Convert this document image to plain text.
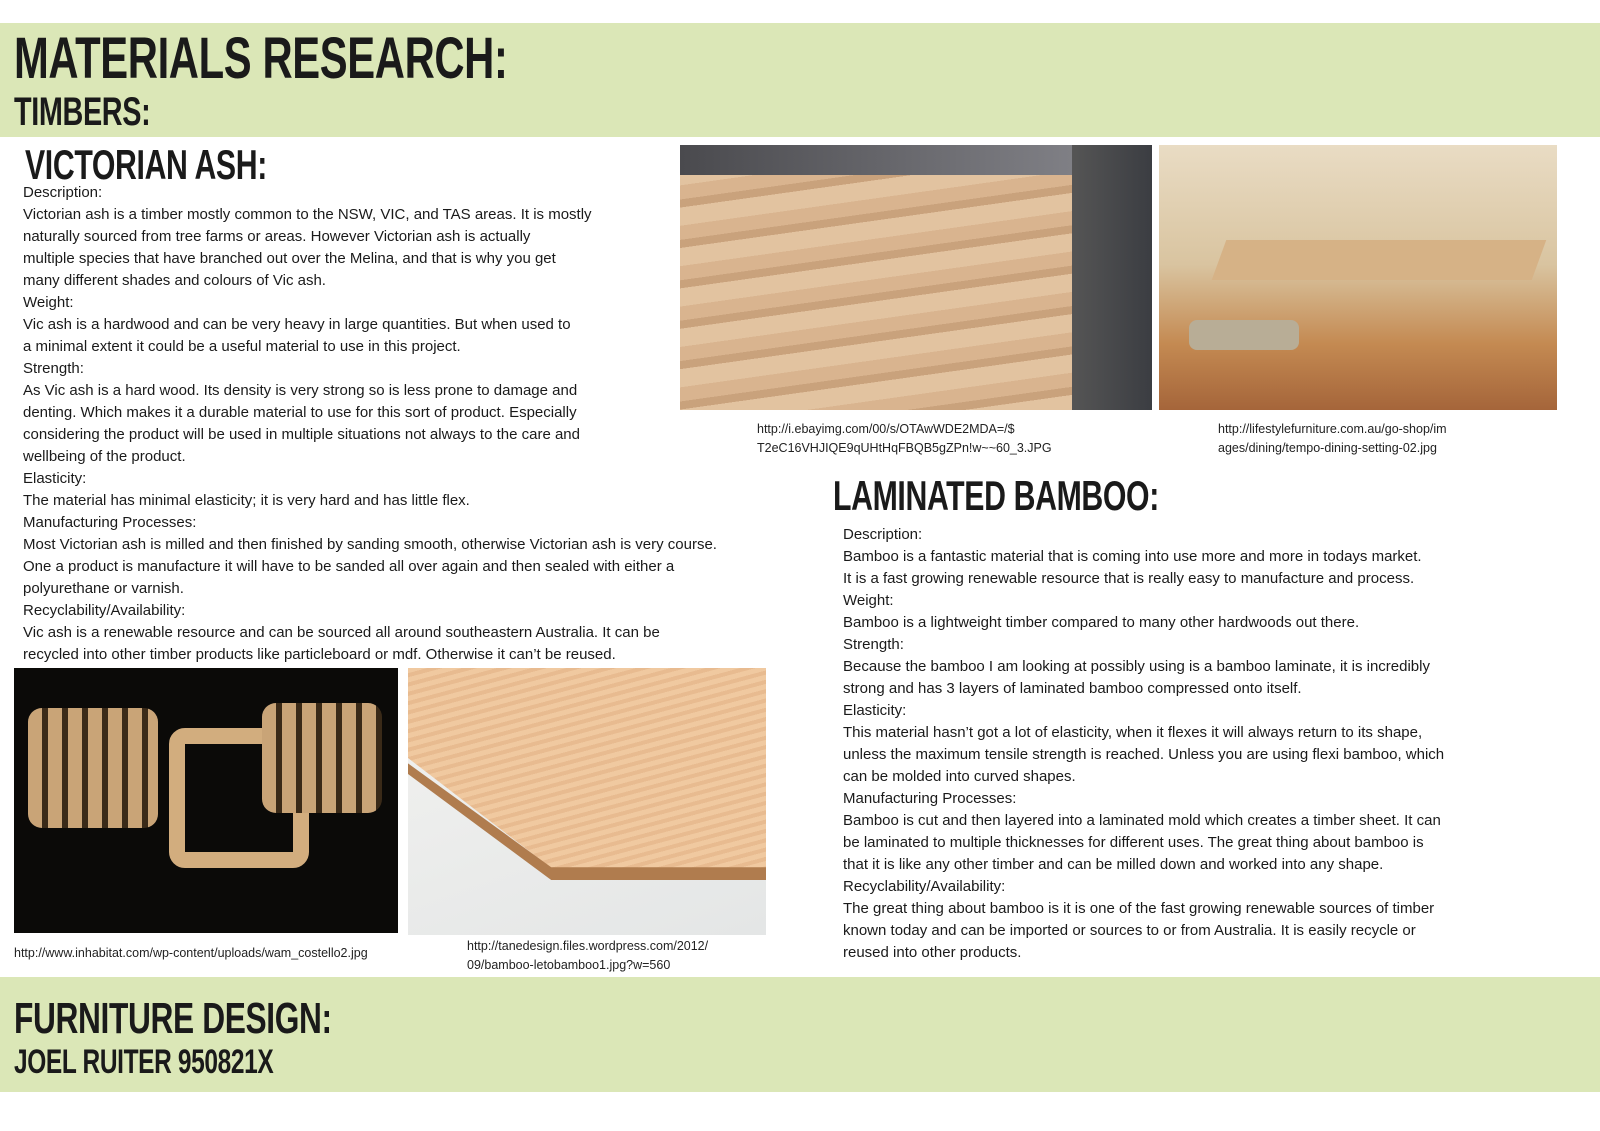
MATERIALS RESEARCH:
TIMBERS:
VICTORIAN ASH:

Description:

Victorian ash is a timber mostly common to the NSW, VIC, and TAS areas. It is mostly

naturally sourced from tree farms or areas. However Victorian ash is actually

multiple species that have branched out over the Melina, and that is why you get

many different shades and colours of Vic ash.

Weight:

Vic ash is a hardwood and can be very heavy in large quantities. But when used to

a minimal extent it could be a useful material to use in this project.

Strength:

As Vic ash is a hard wood. Its density is very strong so is less prone to damage and

denting. Which makes it a durable material to use for this sort of product. Especially

considering the product will be used in multiple situations not always to the care and

wellbeing of the product.

Elasticity:

The material has minimal elasticity; it is very hard and has little flex.

Manufacturing Processes:

Most Victorian ash is milled and then finished by sanding smooth, otherwise Victorian ash is very course.

One a product is manufacture it will have to be sanded all over again and then sealed with either a

polyurethane or varnish.

Recyclability/Availability:

Vic ash is a renewable resource and can be sourced all around southeastern Australia. It can be

recycled into other timber products like particleboard or mdf. Otherwise it can’t be reused.

http://i.ebayimg.com/00/s/OTAwWDE2MDA=/$
T2eC16VHJIQE9qUHtHqFBQB5gZPn!w~~60_3.JPG
http://lifestylefurniture.com.au/go-shop/im
ages/dining/tempo-dining-setting-02.jpg
LAMINATED BAMBOO:

Description:

Bamboo is a fantastic material that is coming into use more and more in todays market.

It is a fast growing renewable resource that is really easy to manufacture and process.

Weight:

Bamboo is a lightweight timber compared to many other hardwoods out there.

Strength:

Because the bamboo I am looking at possibly using is a bamboo laminate, it is incredibly

strong and has 3 layers of laminated bamboo compressed onto itself.

Elasticity:

This material hasn’t got a lot of elasticity, when it flexes it will always return to its shape,

unless the maximum tensile strength is reached. Unless you are using flexi bamboo, which

can be molded into curved shapes.

Manufacturing Processes:

Bamboo is cut and then layered into a laminated mold which creates a timber sheet. It can

be laminated to multiple thicknesses for different uses. The great thing about bamboo is

that it is like any other timber and can be milled down and worked into any shape.

Recyclability/Availability:

The great thing about bamboo is it is one of the fast growing renewable sources of timber

known today and can be imported or sources to or from Australia. It is easily recycle or

reused into other products.

http://www.inhabitat.com/wp-content/uploads/wam_costello2.jpg	http://tanedesign.files.wordpress.com/2012/
09/bamboo-letobamboo1.jpg?w=560
FURNITURE DESIGN:
JOEL RUITER 950821X
